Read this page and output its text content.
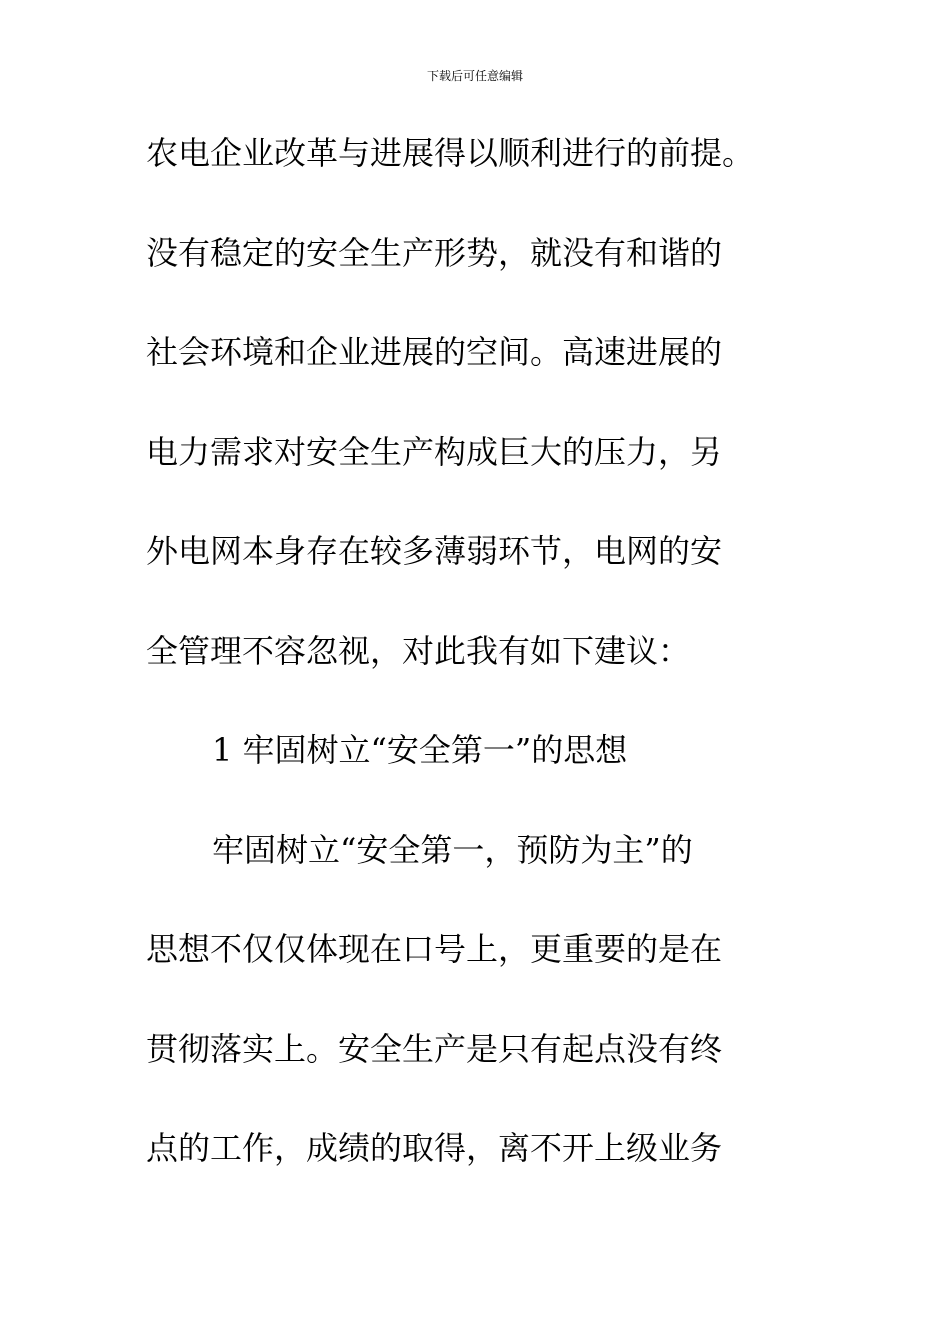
下载后可任意编辑
农电企业改革与进展得以顺利进行的前提。
没有稳定的安全生产形势，就没有和谐的
社会环境和企业进展的空间。高速进展的
电力需求对安全生产构成巨大的压力，另
外电网本身存在较多薄弱环节，电网的安
全管理不容忽视，对此我有如下建议：
1 牢固树立“安全第一”的思想
牢固树立“安全第一，预防为主”的
思想不仅仅体现在口号上，更重要的是在
贯彻落实上。安全生产是只有起点没有终
点的工作，成绩的取得，离不开上级业务
